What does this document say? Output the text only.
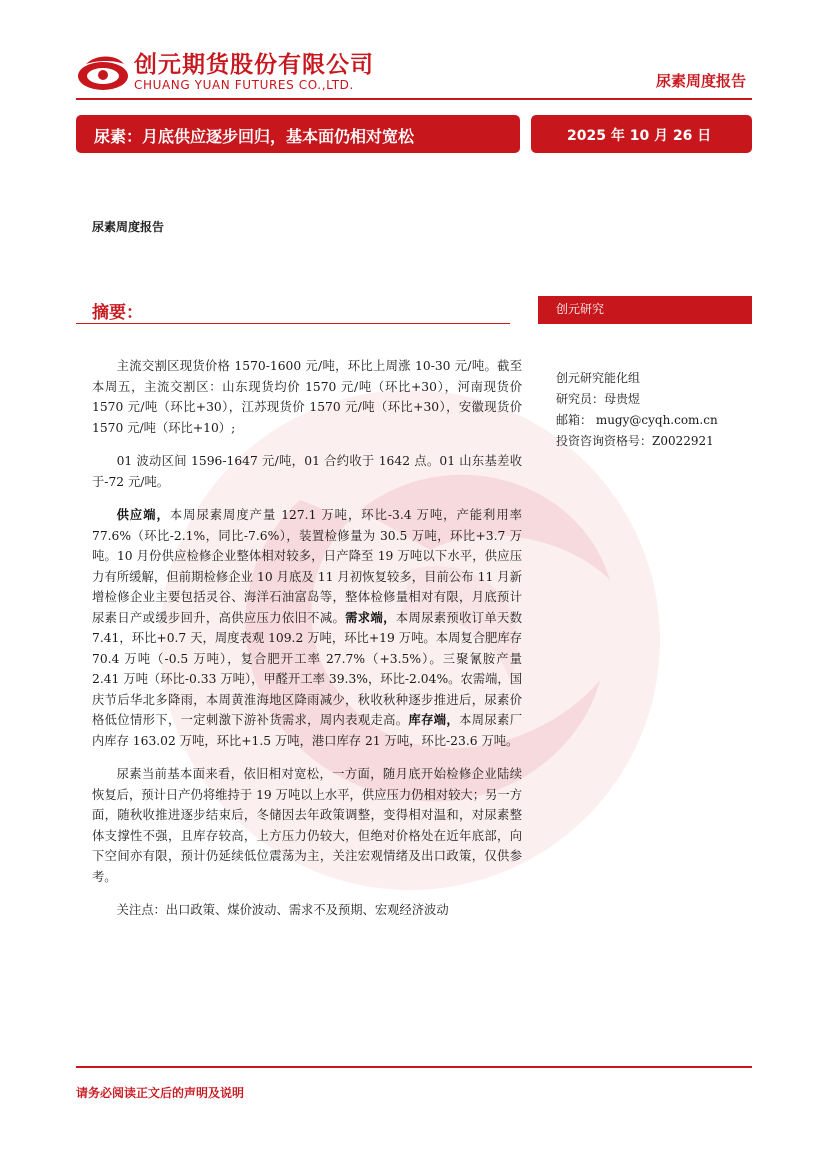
创元期货股份有限公司
CHUANG YUAN FUTURES CO.,LTD.	尿素周度报告
尿素：月底供应逐步回归，基本面仍相对宽松	2025 年 10 月 26 日
尿素周度报告
摘要：	创元研究

主流交割区现货价格 1570-1600 元/吨，环比上周涨 10-30 元/吨。截至本周五，主流交割区：山东现货均价 1570 元/吨（环比+30），河南现货价 1570 元/吨（环比+30），江苏现货价 1570 元/吨（环比+30），安徽现货价 1570 元/吨（环比+10）;

01 波动区间 1596-1647 元/吨，01 合约收于 1642 点。01 山东基差收于-72 元/吨。

供应端，本周尿素周度产量 127.1 万吨，环比-3.4 万吨，产能利用率 77.6%（环比-2.1%，同比-7.6%），装置检修量为 30.5 万吨，环比+3.7 万吨。10 月份供应检修企业整体相对较多，日产降至 19 万吨以下水平，供应压力有所缓解，但前期检修企业 10 月底及 11 月初恢复较多，目前公布 11 月新增检修企业主要包括灵谷、海洋石油富岛等，整体检修量相对有限，月底预计尿素日产或缓步回升，高供应压力依旧不减。需求端，本周尿素预收订单天数 7.41，环比+0.7 天，周度表观 109.2 万吨，环比+19 万吨。本周复合肥库存 70.4 万吨（-0.5 万吨），复合肥开工率 27.7%（+3.5%）。三聚氰胺产量 2.41 万吨（环比-0.33 万吨），甲醛开工率 39.3%，环比-2.04%。农需端，国庆节后华北多降雨，本周黄淮海地区降雨减少，秋收秋种逐步推进后，尿素价格低位情形下，一定刺激下游补货需求，周内表观走高。库存端，本周尿素厂内库存 163.02 万吨，环比+1.5 万吨，港口库存 21 万吨，环比-23.6 万吨。

尿素当前基本面来看，依旧相对宽松，一方面，随月底开始检修企业陆续恢复后，预计日产仍将维持于 19 万吨以上水平，供应压力仍相对较大；另一方面，随秋收推进逐步结束后，冬储因去年政策调整，变得相对温和，对尿素整体支撑性不强，且库存较高，上方压力仍较大，但绝对价格处在近年底部，向下空间亦有限，预计仍延续低位震荡为主，关注宏观情绪及出口政策，仅供参考。

关注点：出口政策、煤价波动、需求不及预期、宏观经济波动

创元研究能化组
研究员：母贵煜
邮箱： mugy@cyqh.com.cn
投资咨询资格号：Z0022921
请务必阅读正文后的声明及说明
